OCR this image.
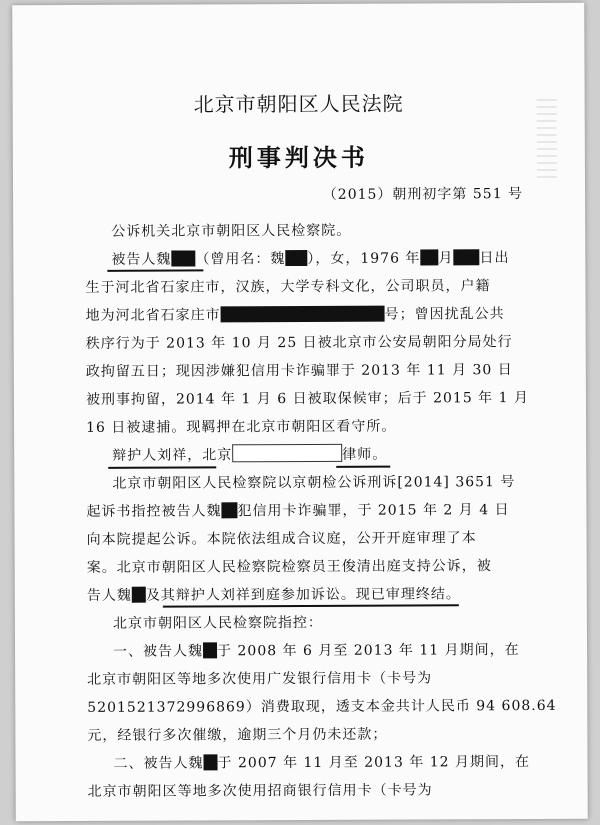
北京市朝阳区人民法院
刑事判决书
（2015）朝刑初字第 551 号
公诉机关北京市朝阳区人民检察院。
被告人魏 （曾用名：魏 ），女，1976 年 月 日出
生于河北省石家庄市，汉族，大学专科文化，公司职员，户籍
地为河北省石家庄市	号；曾因扰乱公共
秩序行为于 2013 年 10 月 25 日被北京市公安局朝阳分局处行
政拘留五日；现因涉嫌犯信用卡诈骗罪于 2013 年 11 月 30 日
被刑事拘留，2014 年 1 月 6 日被取保候审；后于 2015 年 1 月
16 日被逮捕。现羁押在北京市朝阳区看守所。
辩护人刘祥，北京	律师。
北京市朝阳区人民检察院以京朝检公诉刑诉[2014] 3651 号
起诉书指控被告人魏 犯信用卡诈骗罪，于 2015 年 2 月 4 日
向本院提起公诉。本院依法组成合议庭，公开开庭审理了本
案。北京市朝阳区人民检察院检察员王俊清出庭支持公诉，被
告人魏 及其辩护人刘祥到庭参加诉讼。现已审理终结。
北京市朝阳区人民检察院指控：
一、被告人魏 于 2008 年 6 月至 2013 年 11 月期间，在
北京市朝阳区等地多次使用广发银行信用卡（卡号为
5201521372996869）消费取现，透支本金共计人民币 94 608.64
元，经银行多次催缴，逾期三个月仍未还款；
二、被告人魏 于 2007 年 11 月至 2013 年 12 月期间，在
北京市朝阳区等地多次使用招商银行信用卡（卡号为
